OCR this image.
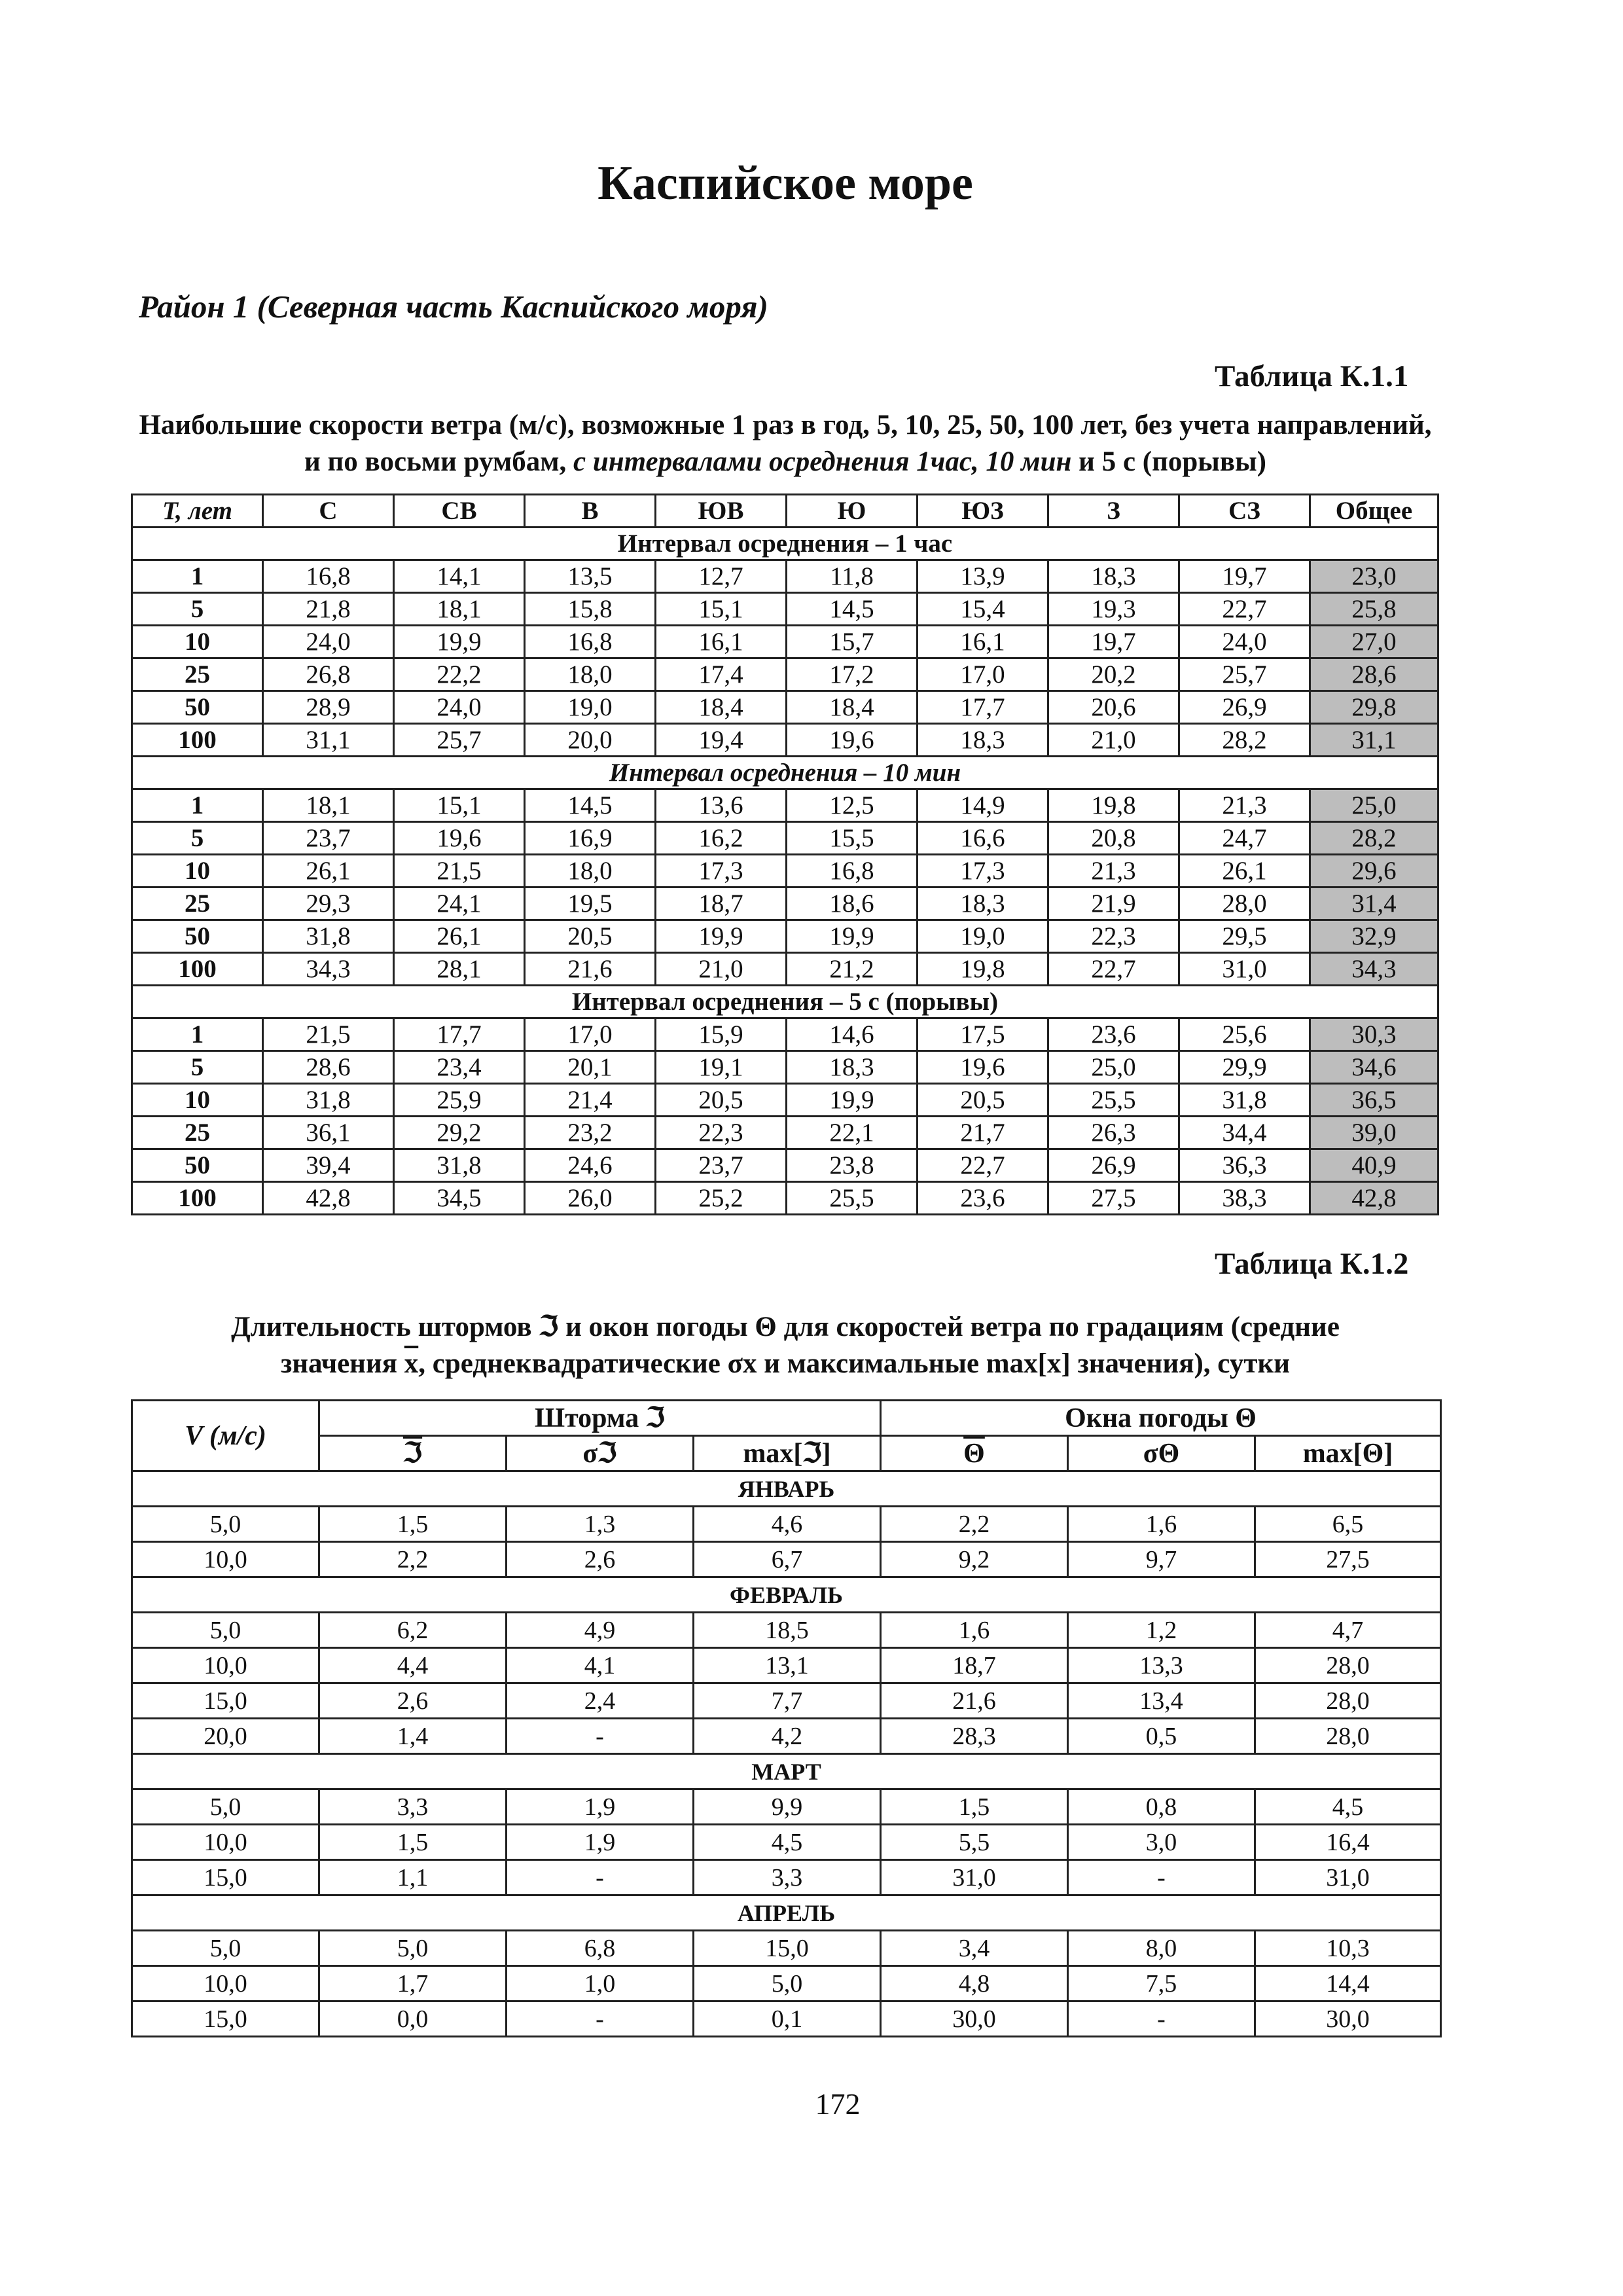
Каспийское море
Район 1 (Северная часть Каспийского моря)
Таблица К.1.1
Наибольшие скорости ветра (м/с), возможные 1 раз в год, 5, 10, 25, 50, 100 лет, без учета направлений, и по восьми румбам, с интервалами осреднения 1час, 10 мин и 5 с (порывы)
T, лет	С	СВ	В	ЮВ	Ю	ЮЗ	З	СЗ	Общее
Интервал осреднения – 1 час									
1	16,8	14,1	13,5	12,7	11,8	13,9	18,3	19,7	23,0
5	21,8	18,1	15,8	15,1	14,5	15,4	19,3	22,7	25,8
10	24,0	19,9	16,8	16,1	15,7	16,1	19,7	24,0	27,0
25	26,8	22,2	18,0	17,4	17,2	17,0	20,2	25,7	28,6
50	28,9	24,0	19,0	18,4	18,4	17,7	20,6	26,9	29,8
100	31,1	25,7	20,0	19,4	19,6	18,3	21,0	28,2	31,1
Интервал осреднения – 10 мин									
1	18,1	15,1	14,5	13,6	12,5	14,9	19,8	21,3	25,0
5	23,7	19,6	16,9	16,2	15,5	16,6	20,8	24,7	28,2
10	26,1	21,5	18,0	17,3	16,8	17,3	21,3	26,1	29,6
25	29,3	24,1	19,5	18,7	18,6	18,3	21,9	28,0	31,4
50	31,8	26,1	20,5	19,9	19,9	19,0	22,3	29,5	32,9
100	34,3	28,1	21,6	21,0	21,2	19,8	22,7	31,0	34,3
Интервал осреднения – 5 с (порывы)									
1	21,5	17,7	17,0	15,9	14,6	17,5	23,6	25,6	30,3
5	28,6	23,4	20,1	19,1	18,3	19,6	25,0	29,9	34,6
10	31,8	25,9	21,4	20,5	19,9	20,5	25,5	31,8	36,5
25	36,1	29,2	23,2	22,3	22,1	21,7	26,3	34,4	39,0
50	39,4	31,8	24,6	23,7	23,8	22,7	26,9	36,3	40,9
100	42,8	34,5	26,0	25,2	25,5	23,6	27,5	38,3	42,8
Таблица К.1.2
Длительность штормов ℑ и окон погоды Θ для скоростей ветра по градациям (средние
значения $\overline{x}$, среднеквадратические σx и максимальные max[x] значения), сутки
V (м/с)	Шторма ℑ			Окна погоды Θ		
	ℑ	σℑ	max[ℑ]	$\overline{\Theta}$	σΘ	max[Θ]
ЯНВАРЬ						
5,0	1,5	1,3	4,6	2,2	1,6	6,5
10,0	2,2	2,6	6,7	9,2	9,7	27,5
ФЕВРАЛЬ						
5,0	6,2	4,9	18,5	1,6	1,2	4,7
10,0	4,4	4,1	13,1	18,7	13,3	28,0
15,0	2,6	2,4	7,7	21,6	13,4	28,0
20,0	1,4	-	4,2	28,3	0,5	28,0
МАРТ						
5,0	3,3	1,9	9,9	1,5	0,8	4,5
10,0	1,5	1,9	4,5	5,5	3,0	16,4
15,0	1,1	-	3,3	31,0	-	31,0
АПРЕЛЬ						
5,0	5,0	6,8	15,0	3,4	8,0	10,3
10,0	1,7	1,0	5,0	4,8	7,5	14,4
15,0	0,0	-	0,1	30,0	-	30,0
172
